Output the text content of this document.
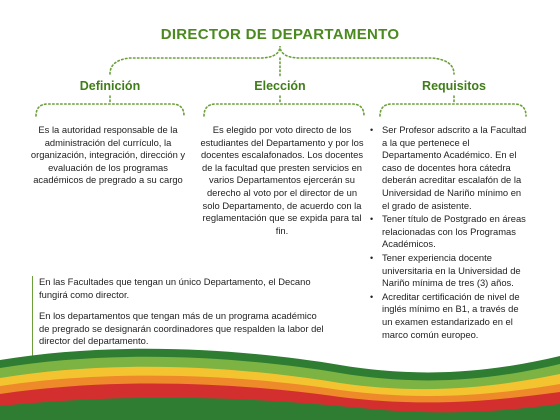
DIRECTOR DE DEPARTAMENTO
Definición	Elección	Requisitos
Es la autoridad responsable de la administración del currículo, la organización, integración, dirección y evaluación de los programas académicos de pregrado a su cargo
Es elegido por voto directo de los estudiantes del Departamento y por los docentes escalafonados. Los docentes de la facultad que presten servicios en varios Departamentos ejercerán su derecho al voto por el director de un solo Departamento, de acuerdo con la reglamentación que se expida para tal fin.
• Ser Profesor adscrito a la Facultad a la que pertenece el Departamento Académico. En el caso de docentes hora cátedra deberán acreditar escalafón de la Universidad de Nariño mínimo en el grado de asistente.
• Tener título de Postgrado en áreas relacionadas con los Programas Académicos.
• Tener experiencia docente universitaria en la Universidad de Nariño mínima de tres (3) años.
• Acreditar certificación de nivel de inglés mínimo en B1, a través de un examen estandarizado en el marco común europeo.

En las Facultades que tengan un único Departamento, el Decano fungirá como director.

En los departamentos que tengan más de un programa académico de pregrado se designarán coordinadores que respalden la labor del director del departamento.
